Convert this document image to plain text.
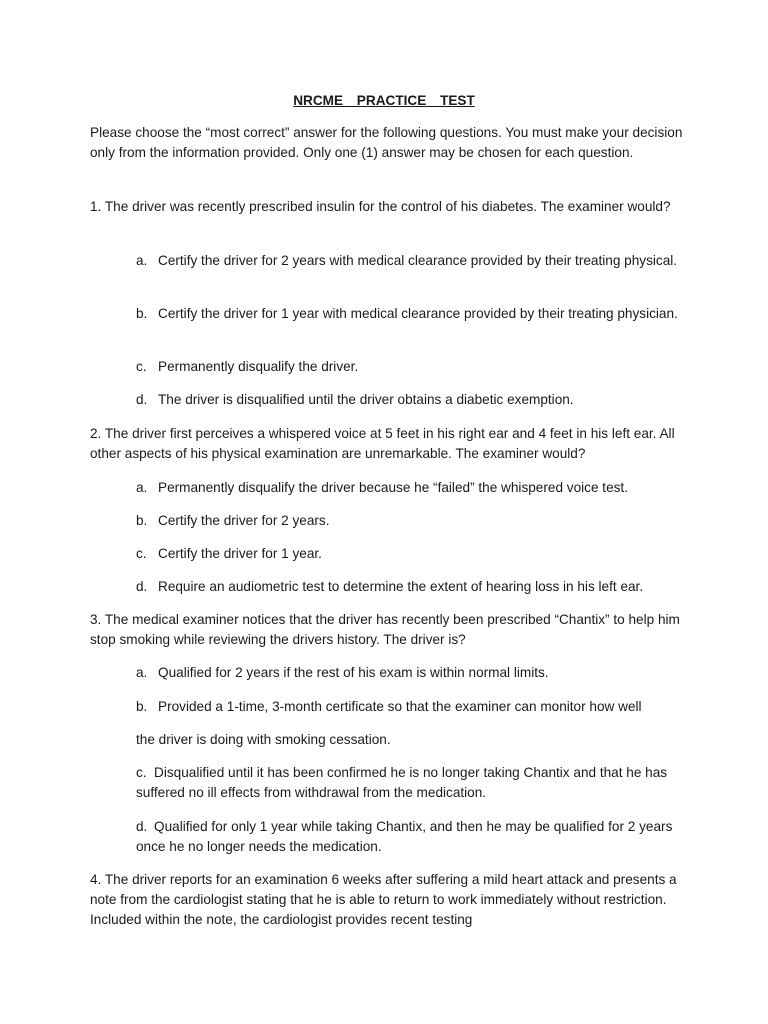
NRCME PRACTICE TEST

Please choose the “most correct” answer for the following questions. You must make your decision only from the information provided. Only one (1) answer may be chosen for each question.

1. The driver was recently prescribed insulin for the control of his diabetes. The examiner would?

a. Certify the driver for 2 years with medical clearance provided by their treating physical.

b. Certify the driver for 1 year with medical clearance provided by their treating physician.

c. Permanently disqualify the driver.

d. The driver is disqualified until the driver obtains a diabetic exemption.

2. The driver first perceives a whispered voice at 5 feet in his right ear and 4 feet in his left ear. All other aspects of his physical examination are unremarkable. The examiner would?

a. Permanently disqualify the driver because he “failed” the whispered voice test.

b. Certify the driver for 2 years.

c. Certify the driver for 1 year.

d. Require an audiometric test to determine the extent of hearing loss in his left ear.

3. The medical examiner notices that the driver has recently been prescribed “Chantix” to help him stop smoking while reviewing the drivers history. The driver is?

a. Qualified for 2 years if the rest of his exam is within normal limits.

b. Provided a 1-time, 3-month certificate so that the examiner can monitor how well

the driver is doing with smoking cessation.

c. Disqualified until it has been confirmed he is no longer taking Chantix and that he has suffered no ill effects from withdrawal from the medication.

d. Qualified for only 1 year while taking Chantix, and then he may be qualified for 2 years once he no longer needs the medication.

4. The driver reports for an examination 6 weeks after suffering a mild heart attack and presents a note from the cardiologist stating that he is able to return to work immediately without restriction. Included within the note, the cardiologist provides recent testing
